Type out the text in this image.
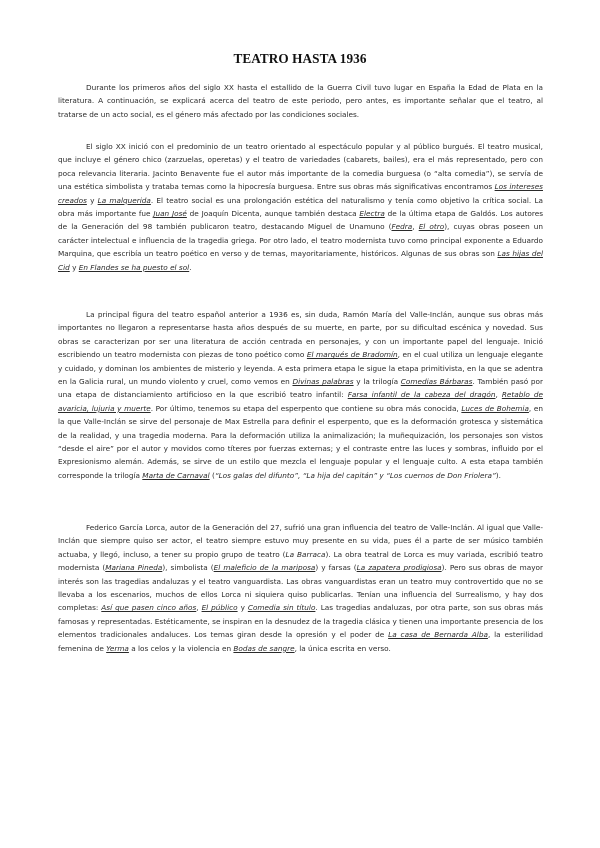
TEATRO HASTA 1936
Durante los primeros años del siglo XX hasta el estallido de la Guerra Civil tuvo lugar en España la Edad de Plata en la literatura. A continuación, se explicará acerca del teatro de este periodo, pero antes, es importante señalar que el teatro, al tratarse de un acto social, es el género más afectado por las condiciones sociales.
El siglo XX inició con el predominio de un teatro orientado al espectáculo popular y al público burgués. El teatro musical, que incluye el género chico (zarzuelas, operetas) y el teatro de variedades (cabarets, bailes), era el más representado, pero con poca relevancia literaria. Jacinto Benavente fue el autor más importante de la comedia burguesa (o “alta comedia”), se servía de una estética simbolista y trataba temas como la hipocresía burguesa. Entre sus obras más significativas encontramos Los intereses creados y La malquerida. El teatro social es una prolongación estética del naturalismo y tenía como objetivo la crítica social. La obra más importante fue Juan José de Joaquín Dicenta, aunque también destaca Electra de la última etapa de Galdós. Los autores de la Generación del 98 también publicaron teatro, destacando Miguel de Unamuno (Fedra, El otro), cuyas obras poseen un carácter intelectual e influencia de la tragedia griega. Por otro lado, el teatro modernista tuvo como principal exponente a Eduardo Marquina, que escribía un teatro poético en verso y de temas, mayoritariamente, históricos. Algunas de sus obras son Las hijas del Cid y En Flandes se ha puesto el sol.
La principal figura del teatro español anterior a 1936 es, sin duda, Ramón María del Valle-Inclán, aunque sus obras más importantes no llegaron a representarse hasta años después de su muerte, en parte, por su dificultad escénica y novedad. Sus obras se caracterizan por ser una literatura de acción centrada en personajes, y con un importante papel del lenguaje. Inició escribiendo un teatro modernista con piezas de tono poético como El marqués de Bradomín, en el cual utiliza un lenguaje elegante y cuidado, y dominan los ambientes de misterio y leyenda. A esta primera etapa le sigue la etapa primitivista, en la que se adentra en la Galicia rural, un mundo violento y cruel, como vemos en Divinas palabras y la trilogía Comedias Bárbaras. También pasó por una etapa de distanciamiento artificioso en la que escribió teatro infantil: Farsa infantil de la cabeza del dragón, Retablo de avaricia, lujuria y muerte. Por último, tenemos su etapa del esperpento que contiene su obra más conocida, Luces de Bohemia, en la que Valle-Inclán se sirve del personaje de Max Estrella para definir el esperpento, que es la deformación grotesca y sistemática de la realidad, y una tragedia moderna. Para la deformación utiliza la animalización; la muñequización, los personajes son vistos “desde el aire” por el autor y movidos como títeres por fuerzas externas; y el contraste entre las luces y sombras, influido por el Expresionismo alemán. Además, se sirve de un estilo que mezcla el lenguaje popular y el lenguaje culto. A esta etapa también corresponde la trilogía Marta de Carnaval (“Los galas del difunto”, “La hija del capitán” y “Los cuernos de Don Friolera”).
Federico García Lorca, autor de la Generación del 27, sufrió una gran influencia del teatro de Valle-Inclán. Al igual que Valle-Inclán que siempre quiso ser actor, el teatro siempre estuvo muy presente en su vida, pues él a parte de ser músico también actuaba, y llegó, incluso, a tener su propio grupo de teatro (La Barraca). La obra teatral de Lorca es muy variada, escribió teatro modernista (Mariana Pineda), simbolista (El maleficio de la mariposa) y farsas (La zapatera prodigiosa). Pero sus obras de mayor interés son las tragedias andaluzas y el teatro vanguardista. Las obras vanguardistas eran un teatro muy controvertido que no se llevaba a los escenarios, muchos de ellos Lorca ni siquiera quiso publicarlas. Tenían una influencia del Surrealismo, y hay dos completas: Así que pasen cinco años, El público y Comedia sin título. Las tragedias andaluzas, por otra parte, son sus obras más famosas y representadas. Estéticamente, se inspiran en la desnudez de la tragedia clásica y tienen una importante presencia de los elementos tradicionales andaluces. Los temas giran desde la opresión y el poder de La casa de Bernarda Alba, la esterilidad femenina de Yerma a los celos y la violencia en Bodas de sangre, la única escrita en verso.
